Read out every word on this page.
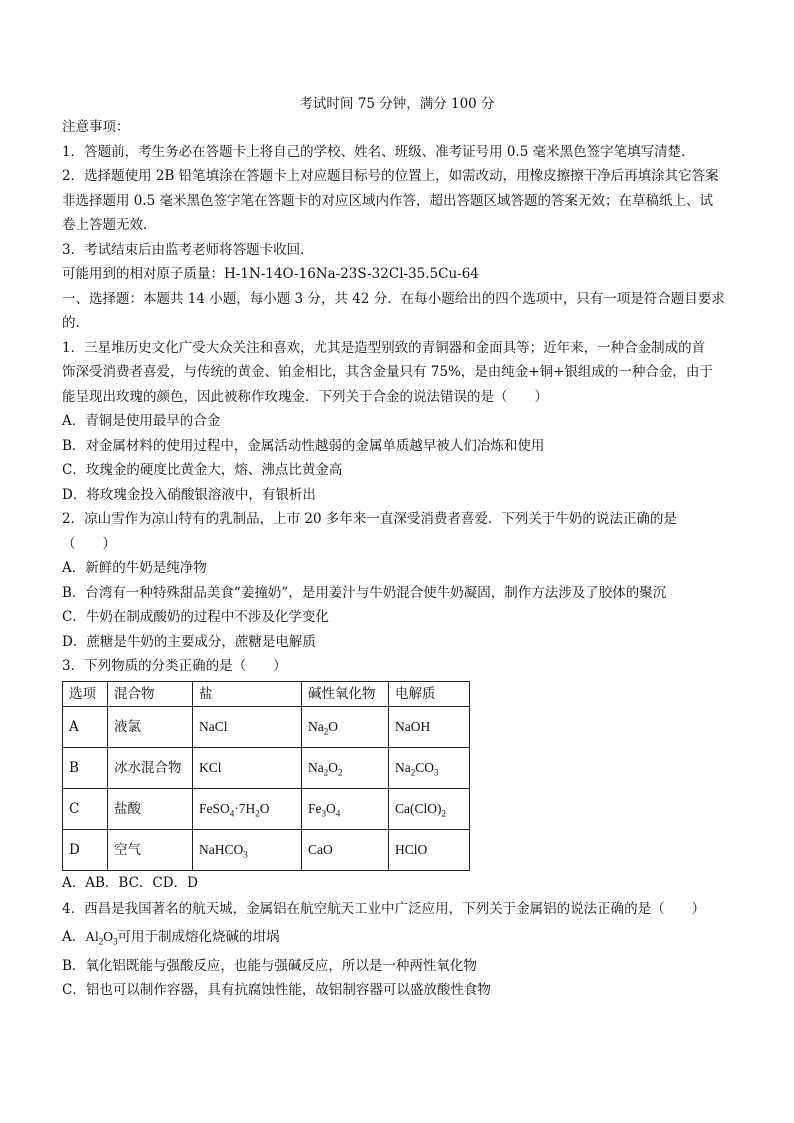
考试时间 75 分钟，满分 100 分
注意事项：
1．答题前，考生务必在答题卡上将自己的学校、姓名、班级、准考证号用 0.5 毫米黑色签字笔填写清楚．
2．选择题使用 2B 铅笔填涂在答题卡上对应题目标号的位置上，如需改动，用橡皮擦擦干净后再填涂其它答案
非选择题用 0.5 毫米黑色签字笔在答题卡的对应区域内作答，超出答题区域答题的答案无效；在草稿纸上、试
卷上答题无效．
3．考试结束后由监考老师将答题卡收回．
可能用到的相对原子质量：H-1N-14O-16Na-23S-32Cl-35.5Cu-64
一、选择题：本题共 14 小题，每小题 3 分，共 42 分．在每小题给出的四个选项中，只有一项是符合题目要求
的．
1．三星堆历史文化广受大众关注和喜欢，尤其是造型别致的青铜器和金面具等；近年来，一种合金制成的首
饰深受消费者喜爱，与传统的黄金、铂金相比，其含金量只有 75%，是由纯金+铜+银组成的一种合金，由于
能呈现出玫瑰的颜色，因此被称作玫瑰金．下列关于合金的说法错误的是（　　）
A．青铜是使用最早的合金
B．对金属材料的使用过程中，金属活动性越弱的金属单质越早被人们冶炼和使用
C．玫瑰金的硬度比黄金大，熔、沸点比黄金高
D．将玫瑰金投入硝酸银溶液中，有银析出
2．凉山雪作为凉山特有的乳制品，上市 20 多年来一直深受消费者喜爱．下列关于牛奶的说法正确的是
（　　）
A．新鲜的牛奶是纯净物
B．台湾有一种特殊甜品美食“姜撞奶”，是用姜汁与牛奶混合使牛奶凝固，制作方法涉及了胶体的聚沉
C．牛奶在制成酸奶的过程中不涉及化学变化
D．蔗糖是牛奶的主要成分，蔗糖是电解质
3．下列物质的分类正确的是（　　）
选项	混合物	盐	碱性氧化物	电解质
A	液氯	NaCl	$Na_2O$	NaOH
B	冰水混合物	KCl	$Na_2O_2$	$Na_2CO_3$
C	盐酸	$FeSO_4\cdot 7H_2O$	$Fe_3O_4$	$Ca(ClO)_2$
D	空气	NaHCO$_3$	CaO	HClO
A．AB．BC．CD．D
4．西昌是我国著名的航天城，金属铝在航空航天工业中广泛应用，下列关于金属铝的说法正确的是（　　）
A．$Al_2O_3$可用于制成熔化烧碱的坩埚
B．氧化铝既能与强酸反应，也能与强碱反应，所以是一种两性氧化物
C．铝也可以制作容器，具有抗腐蚀性能，故铝制容器可以盛放酸性食物
